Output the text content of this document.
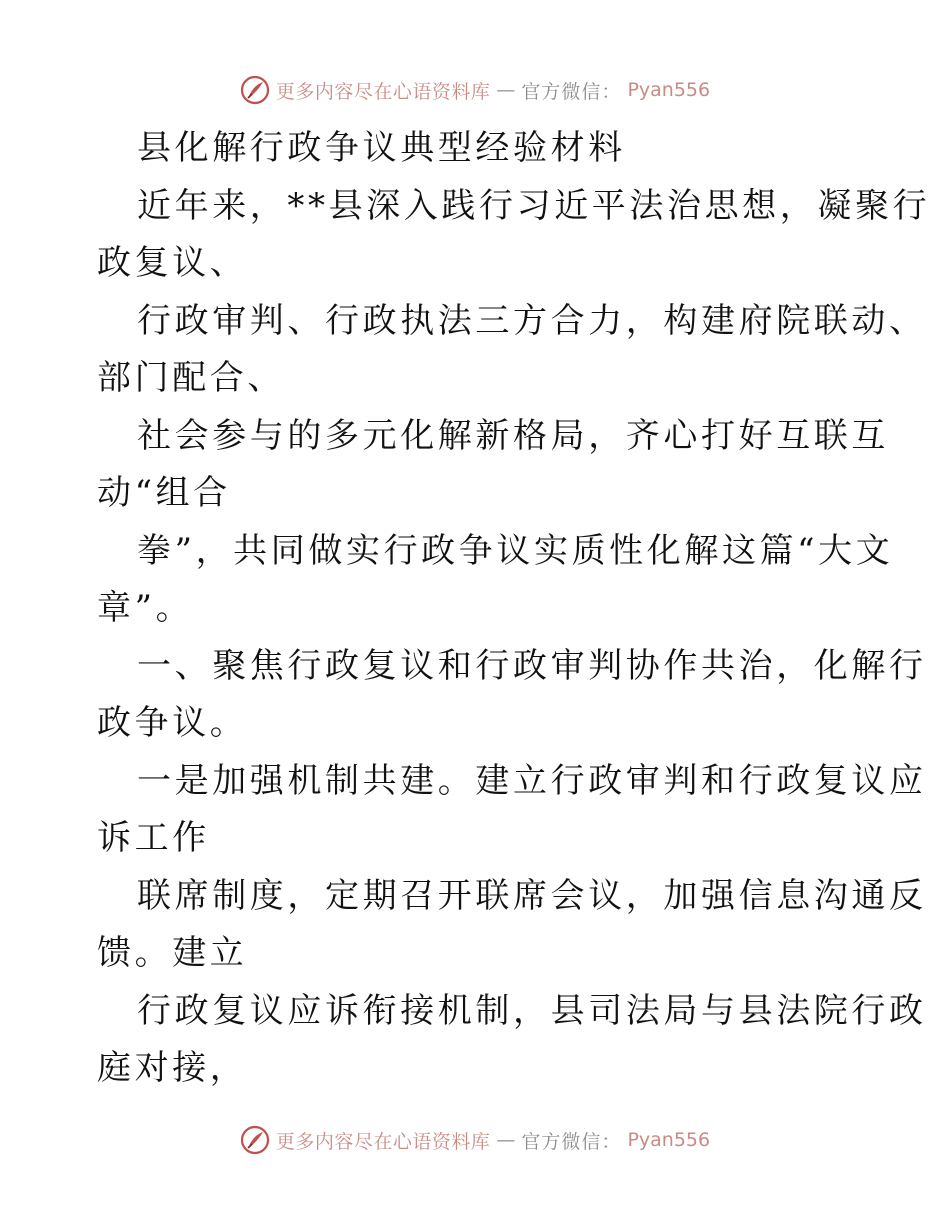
更多内容尽在心语资料库 — 官方微信： Pyan556
县化解行政争议典型经验材料
近年来，**县深入践行习近平法治思想，凝聚行
政复议、
行政审判、行政执法三方合力，构建府院联动、
部门配合、
社会参与的多元化解新格局，齐心打好互联互
动“组合
拳”，共同做实行政争议实质性化解这篇“大文
章”。
一、聚焦行政复议和行政审判协作共治，化解行
政争议。
一是加强机制共建。建立行政审判和行政复议应
诉工作
联席制度，定期召开联席会议，加强信息沟通反
馈。建立
行政复议应诉衔接机制，县司法局与县法院行政
庭对接，
更多内容尽在心语资料库 — 官方微信： Pyan556
